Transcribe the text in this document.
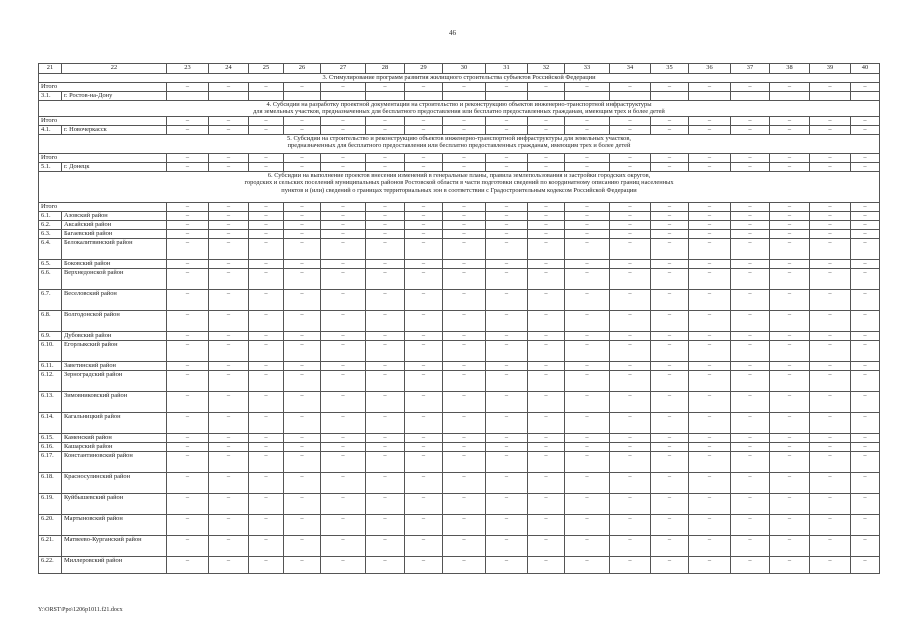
46
21	22	23	24	25	26	27	28	29	30	31	32	33	34	35	36	37	38	39	40
3. Стимулирование программ развития жилищного строительства субъектов Российской Федерации																			
Итого		–	–	–	–	–	–	–	–	–	–	–	–	–	–	–	–	–	–
3.1.	г. Ростов-на-Дону																		
4. Субсидии на разработку проектной документации на строительство и реконструкцию объектов инженерно-транспортной инфраструктуры
для земельных участков, предназначенных для бесплатного предоставления или бесплатно предоставленных гражданам, имеющим трех и более детей																			
Итого		–	–	–	–	–	–	–	–	–	–	–	–	–	–	–	–	–	–
4.1.	г. Новочеркасск	–	–	–	–	–	–	–	–	–	–	–	–	–	–	–	–	–	–
5. Субсидии на строительство и реконструкцию объектов инженерно-транспортной инфраструктуры для земельных участков,
предназначенных для бесплатного предоставления или бесплатно предоставленных гражданам, имеющим трех и более детей																			
Итого		–	–	–	–	–	–	–	–	–	–	–	–	–	–	–	–	–	–
5.1.	г. Донецк	–	–	–	–	–	–	–	–	–	–	–	–	–	–	–	–	–	–
6. Субсидии на выполнение проектов внесения изменений в генеральные планы, правила землепользования и застройки городских округов,
городских и сельских поселений муниципальных районов Ростовской области в части подготовки сведений по координатному описанию границ населенных
пунктов и (или) сведений о границах территориальных зон в соответствии с Градостроительным кодексом Российской Федерации																			
Итого		–	–	–	–	–	–	–	–	–	–	–	–	–	–	–	–	–	–
6.1.	Азовский район	–	–	–	–	–	–	–	–	–	–	–	–	–	–	–	–	–	–
6.2.	Аксайский район	–	–	–	–	–	–	–	–	–	–	–	–	–	–	–	–	–	–
6.3.	Багаевский район	–	–	–	–	–	–	–	–	–	–	–	–	–	–	–	–	–	–
6.4.	Белокалитвинский район	–	–	–	–	–	–	–	–	–	–	–	–	–	–	–	–	–	–
6.5.	Боковский район	–	–	–	–	–	–	–	–	–	–	–	–	–	–	–	–	–	–
6.6.	Верхнедонской район	–	–	–	–	–	–	–	–	–	–	–	–	–	–	–	–	–	–
6.7.	Веселовский район	–	–	–	–	–	–	–	–	–	–	–	–	–	–	–	–	–	–
6.8.	Волгодонской район	–	–	–	–	–	–	–	–	–	–	–	–	–	–	–	–	–	–
6.9.	Дубовский район	–	–	–	–	–	–	–	–	–	–	–	–	–	–	–	–	–	–
6.10.	Егорлыкский район	–	–	–	–	–	–	–	–	–	–	–	–	–	–	–	–	–	–
6.11.	Заветинский район	–	–	–	–	–	–	–	–	–	–	–	–	–	–	–	–	–	–
6.12.	Зерноградский район	–	–	–	–	–	–	–	–	–	–	–	–	–	–	–	–	–	–
6.13.	Зимовниковский район	–	–	–	–	–	–	–	–	–	–	–	–	–	–	–	–	–	–
6.14.	Кагальницкий район	–	–	–	–	–	–	–	–	–	–	–	–	–	–	–	–	–	–
6.15.	Каменский район	–	–	–	–	–	–	–	–	–	–	–	–	–	–	–	–	–	–
6.16.	Кашарский район	–	–	–	–	–	–	–	–	–	–	–	–	–	–	–	–	–	–
6.17.	Константиновский район	–	–	–	–	–	–	–	–	–	–	–	–	–	–	–	–	–	–
6.18.	Красносулинский район	–	–	–	–	–	–	–	–	–	–	–	–	–	–	–	–	–	–
6.19.	Куйбышевский район	–	–	–	–	–	–	–	–	–	–	–	–	–	–	–	–	–	–
6.20.	Мартыновский район	–	–	–	–	–	–	–	–	–	–	–	–	–	–	–	–	–	–
6.21.	Матвеево-Курганский район	–	–	–	–	–	–	–	–	–	–	–	–	–	–	–	–	–	–
6.22.	Миллеровский район	–	–	–	–	–	–	–	–	–	–	–	–	–	–	–	–	–	–
Y:\ORST\Ppo\1206p1011.f21.docx
